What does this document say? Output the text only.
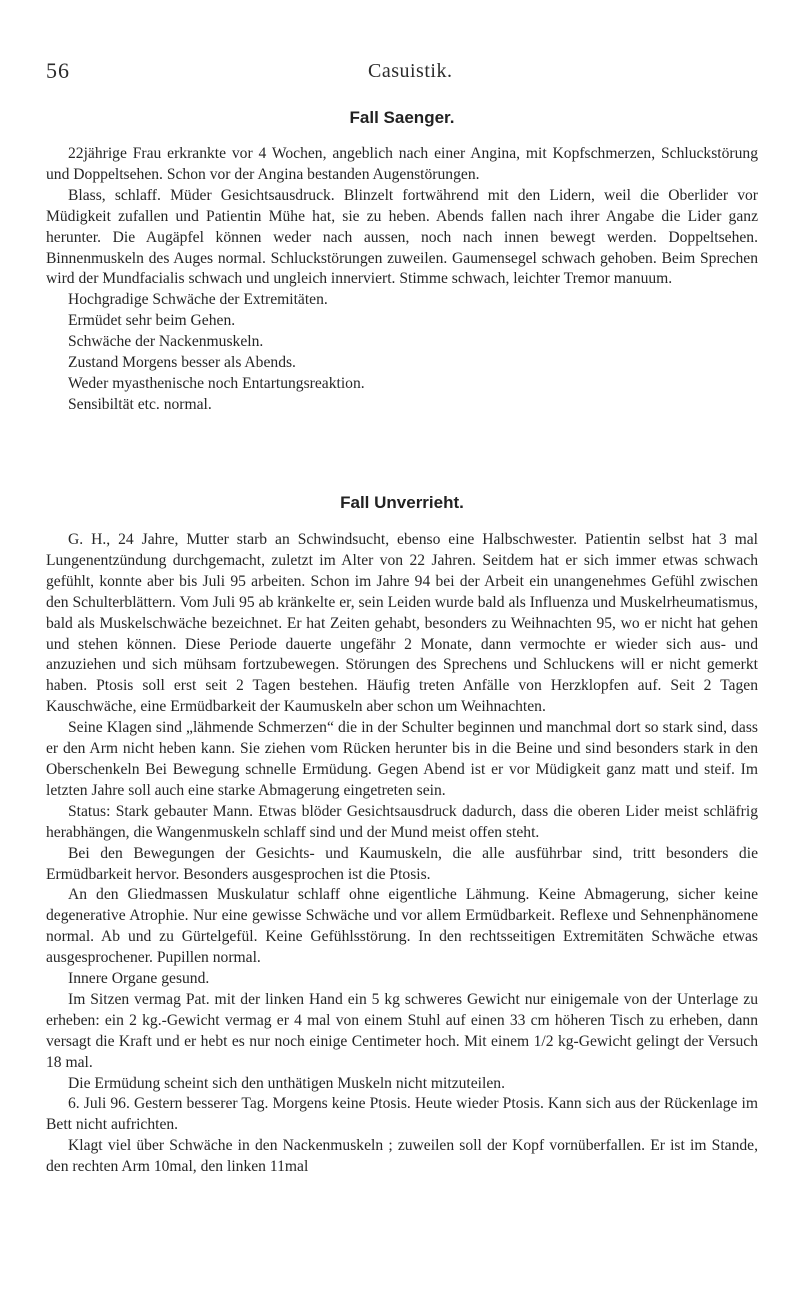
56	Casuistik.
Fall Saenger.

22jährige Frau erkrankte vor 4 Wochen, angeblich nach einer Angina, mit Kopfschmerzen, Schluckstörung und Doppeltsehen. Schon vor der Angina bestanden Augenstörungen.

Blass, schlaff. Müder Gesichtsausdruck. Blinzelt fortwährend mit den Lidern, weil die Oberlider vor Müdigkeit zufallen und Patientin Mühe hat, sie zu heben. Abends fallen nach ihrer Angabe die Lider ganz herunter. Die Augäpfel können weder nach aussen, noch nach innen bewegt werden. Doppeltsehen. Binnenmuskeln des Auges normal. Schluckstörungen zuweilen. Gaumensegel schwach gehoben. Beim Sprechen wird der Mundfacialis schwach und ungleich innerviert. Stimme schwach, leichter Tremor manuum.

Hochgradige Schwäche der Extremitäten.

Ermüdet sehr beim Gehen.

Schwäche der Nackenmuskeln.

Zustand Morgens besser als Abends.

Weder myasthenische noch Entartungsreaktion.

Sensibiltät etc. normal.

Fall Unverrieht.

G. H., 24 Jahre, Mutter starb an Schwindsucht, ebenso eine Halbschwester. Patientin selbst hat 3 mal Lungenentzündung durchgemacht, zuletzt im Alter von 22 Jahren. Seitdem hat er sich immer etwas schwach gefühlt, konnte aber bis Juli 95 arbeiten. Schon im Jahre 94 bei der Arbeit ein unangenehmes Gefühl zwischen den Schulterblättern. Vom Juli 95 ab kränkelte er, sein Leiden wurde bald als Influenza und Muskelrheumatismus, bald als Muskelschwäche bezeichnet. Er hat Zeiten gehabt, besonders zu Weihnachten 95, wo er nicht hat gehen und stehen können. Diese Periode dauerte ungefähr 2 Monate, dann vermochte er wieder sich aus- und anzuziehen und sich mühsam fortzubewegen. Störungen des Sprechens und Schluckens will er nicht gemerkt haben. Ptosis soll erst seit 2 Tagen bestehen. Häufig treten Anfälle von Herzklopfen auf. Seit 2 Tagen Kauschwäche, eine Ermüdbarkeit der Kaumuskeln aber schon um Weihnachten.

Seine Klagen sind „lähmende Schmerzen“ die in der Schulter beginnen und manchmal dort so stark sind, dass er den Arm nicht heben kann. Sie ziehen vom Rücken herunter bis in die Beine und sind besonders stark in den Oberschenkeln Bei Bewegung schnelle Ermüdung. Gegen Abend ist er vor Müdigkeit ganz matt und steif. Im letzten Jahre soll auch eine starke Abmagerung eingetreten sein.

Status: Stark gebauter Mann. Etwas blöder Gesichtsausdruck dadurch, dass die oberen Lider meist schläfrig herabhängen, die Wangenmuskeln schlaff sind und der Mund meist offen steht.

Bei den Bewegungen der Gesichts- und Kaumuskeln, die alle ausführbar sind, tritt besonders die Ermüdbarkeit hervor. Besonders ausgesprochen ist die Ptosis.

An den Gliedmassen Muskulatur schlaff ohne eigentliche Lähmung. Keine Abmagerung, sicher keine degenerative Atrophie. Nur eine gewisse Schwäche und vor allem Ermüdbarkeit. Reflexe und Sehnenphänomene normal. Ab und zu Gürtelgefül. Keine Gefühlsstörung. In den rechtsseitigen Extremitäten Schwäche etwas ausgesprochener. Pupillen normal.

Innere Organe gesund.

Im Sitzen vermag Pat. mit der linken Hand ein 5 kg schweres Gewicht nur einigemale von der Unterlage zu erheben: ein 2 kg.-Gewicht vermag er 4 mal von einem Stuhl auf einen 33 cm höheren Tisch zu erheben, dann versagt die Kraft und er hebt es nur noch einige Centimeter hoch. Mit einem 1/2 kg-Gewicht gelingt der Versuch 18 mal.

Die Ermüdung scheint sich den unthätigen Muskeln nicht mitzuteilen.

6. Juli 96. Gestern besserer Tag. Morgens keine Ptosis. Heute wieder Ptosis. Kann sich aus der Rückenlage im Bett nicht aufrichten.

Klagt viel über Schwäche in den Nackenmuskeln ; zuweilen soll der Kopf vornüberfallen. Er ist im Stande, den rechten Arm 10mal, den linken 11mal
